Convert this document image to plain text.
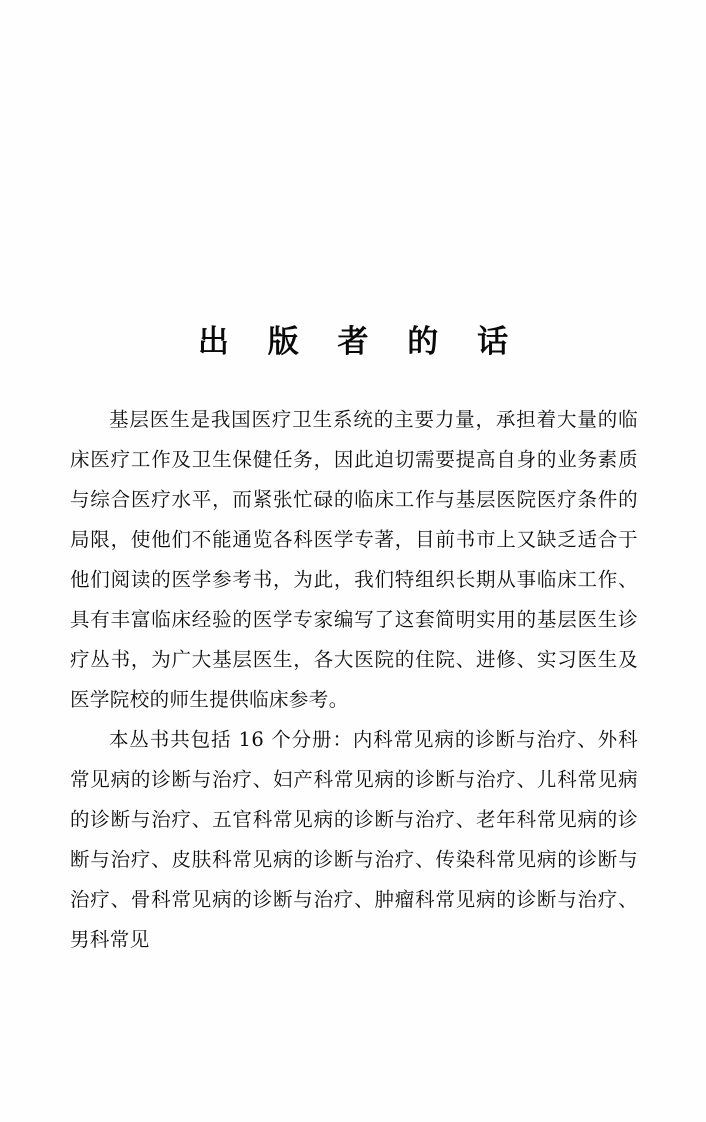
出 版 者 的 话

基层医生是我国医疗卫生系统的主要力量，承担着大量的临床医疗工作及卫生保健任务，因此迫切需要提高自身的业务素质与综合医疗水平，而紧张忙碌的临床工作与基层医院医疗条件的局限，使他们不能通览各科医学专著，目前书市上又缺乏适合于他们阅读的医学参考书，为此，我们特组织长期从事临床工作、具有丰富临床经验的医学专家编写了这套简明实用的基层医生诊疗丛书，为广大基层医生，各大医院的住院、进修、实习医生及医学院校的师生提供临床参考。

本丛书共包括 16 个分册：内科常见病的诊断与治疗、外科常见病的诊断与治疗、妇产科常见病的诊断与治疗、儿科常见病的诊断与治疗、五官科常见病的诊断与治疗、老年科常见病的诊断与治疗、皮肤科常见病的诊断与治疗、传染科常见病的诊断与治疗、骨科常见病的诊断与治疗、肿瘤科常见病的诊断与治疗、男科常见
